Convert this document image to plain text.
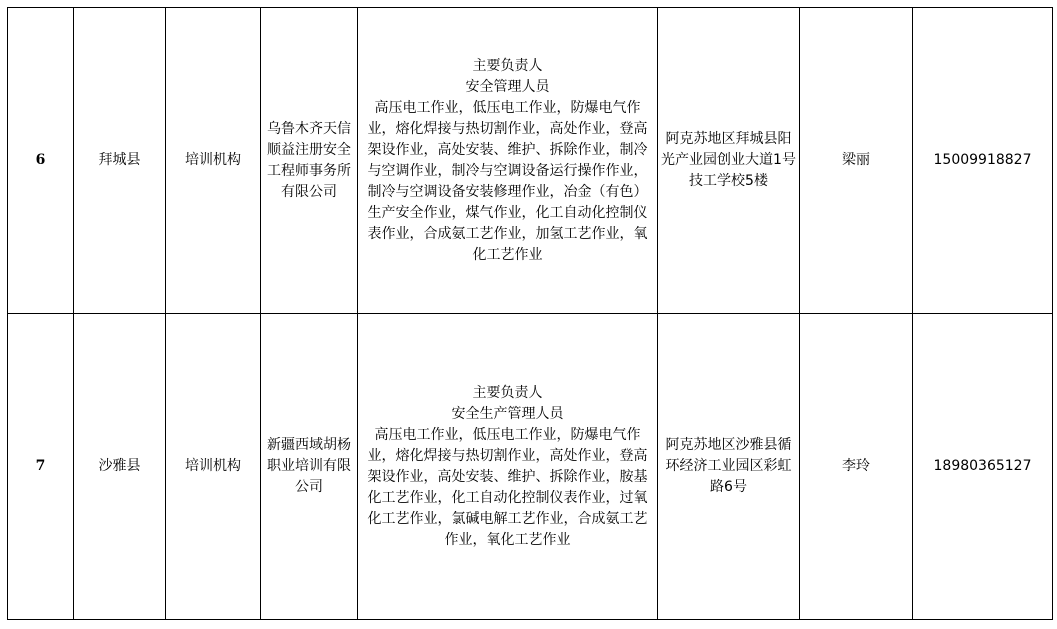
6	拜城县	培训机构	乌鲁木齐天信顺益注册安全工程师事务所有限公司	主要负责人
安全管理人员
高压电工作业，低压电工作业，防爆电气作业，熔化焊接与热切割作业，高处作业，登高架设作业，高处安装、维护、拆除作业，制冷与空调作业，制冷与空调设备运行操作作业，制冷与空调设备安装修理作业，冶金（有色）生产安全作业，煤气作业，化工自动化控制仪表作业，合成氨工艺作业，加氢工艺作业，氧化工艺作业	阿克苏地区拜城县阳光产业园创业大道1号技工学校5楼	梁丽	15009918827
7	沙雅县	培训机构	新疆西域胡杨职业培训有限公司	主要负责人
安全生产管理人员
高压电工作业，低压电工作业，防爆电气作业，熔化焊接与热切割作业，高处作业，登高架设作业，高处安装、维护、拆除作业，胺基化工艺作业，化工自动化控制仪表作业，过氧化工艺作业，氯碱电解工艺作业，合成氨工艺作业，氧化工艺作业	阿克苏地区沙雅县循环经济工业园区彩虹路6号	李玲	18980365127
